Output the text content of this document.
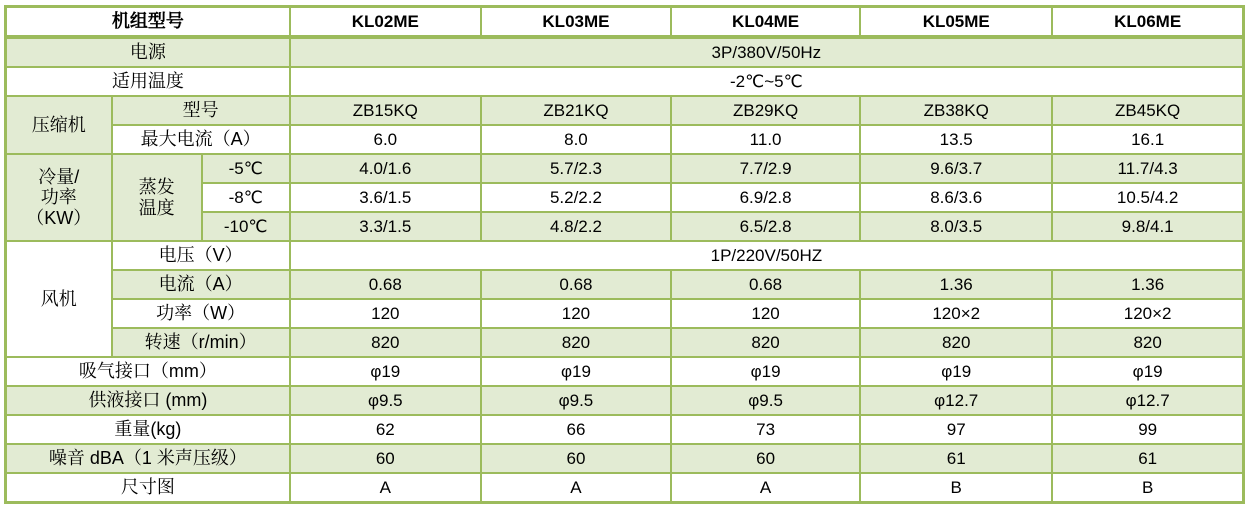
机组型号			KL02ME	KL03ME	KL04ME	KL05ME	KL06ME
电源			3P/380V/50Hz				
适用温度			-2℃~5℃				
压缩机	型号		ZB15KQ	ZB21KQ	ZB29KQ	ZB38KQ	ZB45KQ
	最大电流（A）		6.0	8.0	11.0	13.5	16.1

冷量/
功率
（KW）	蒸发温度	-5℃	4.0/1.6	5.7/2.3	7.7/2.9	9.6/3.7	11.7/4.3
		-8℃	3.6/1.5	5.2/2.2	6.9/2.8	8.6/3.6	10.5/4.2
		-10℃	3.3/1.5	4.8/2.2	6.5/2.8	8.0/3.5	9.8/4.1
风机	电压（V）		1P/220V/50HZ				
	电流（A）		0.68	0.68	0.68	1.36	1.36
	功率（W）		120	120	120	120×2	120×2
	转速（r/min）		820	820	820	820	820
吸气接口（mm）			φ19	φ19	φ19	φ19	φ19
供液接口 (mm)			φ9.5	φ9.5	φ9.5	φ12.7	φ12.7
重量(kg)			62	66	73	97	99
噪音 dBA（1 米声压级）			60	60	60	61	61
尺寸图			A	A	A	B	B
